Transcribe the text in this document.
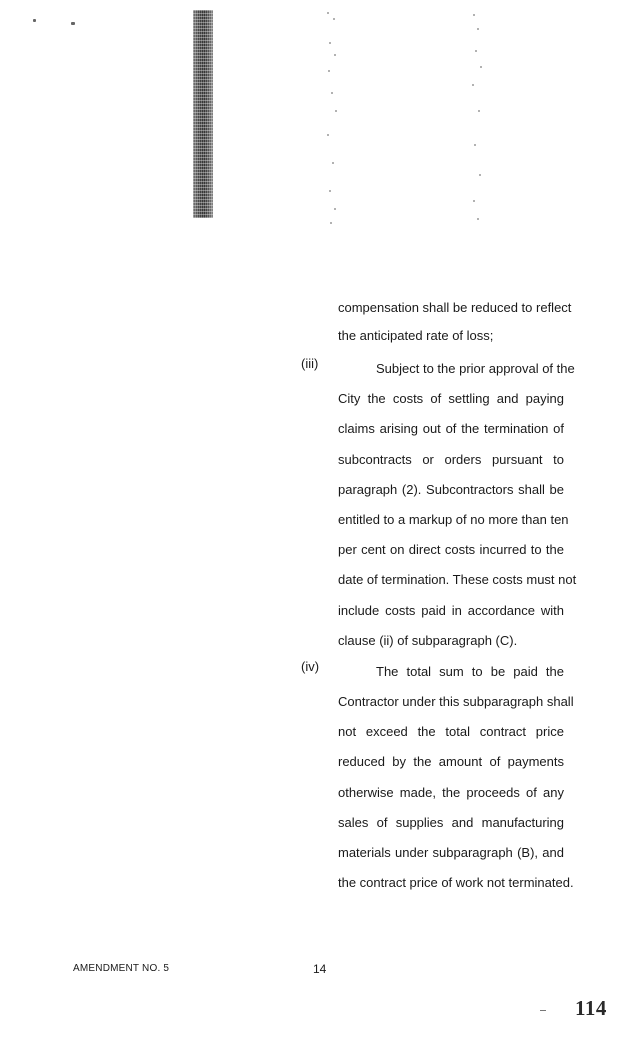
compensation shall be reduced to reflect
the anticipated rate of loss;
(iii)	Subject to the prior approval of the
City the costs of settling and paying
claims arising out of the termination of
subcontracts or orders pursuant to
paragraph (2). Subcontractors shall be
entitled to a markup of no more than ten
per cent on direct costs incurred to the
date of termination. These costs must not
include costs paid in accordance with
clause (ii) of subparagraph (C).
(iv)	The total sum to be paid the
Contractor under this subparagraph shall
not exceed the total contract price
reduced by the amount of payments
otherwise made, the proceeds of any
sales of supplies and manufacturing
materials under subparagraph (B), and
the contract price of work not terminated.
AMENDMENT NO. 5	14
114
